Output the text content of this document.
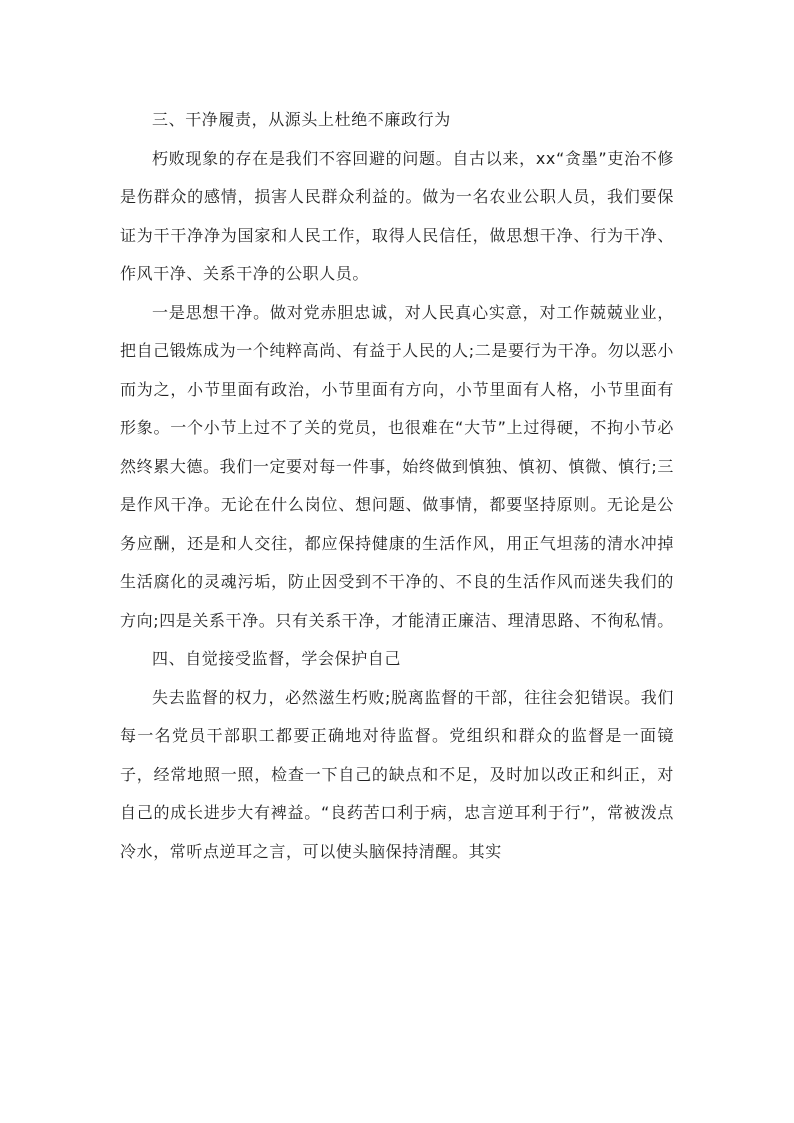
三、干净履责，从源头上杜绝不廉政行为

朽败现象的存在是我们不容回避的问题。自古以来，xx“贪墨”吏治不修是伤群众的感情，损害人民群众利益的。做为一名农业公职人员，我们要保证为干干净净为国家和人民工作，取得人民信任，做思想干净、行为干净、作风干净、关系干净的公职人员。

一是思想干净。做对党赤胆忠诚，对人民真心实意，对工作兢兢业业，把自己锻炼成为一个纯粹高尚、有益于人民的人;二是要行为干净。勿以恶小而为之，小节里面有政治，小节里面有方向，小节里面有人格，小节里面有形象。一个小节上过不了关的党员，也很难在“大节”上过得硬，不拘小节必然终累大德。我们一定要对每一件事，始终做到慎独、慎初、慎微、慎行;三是作风干净。无论在什么岗位、想问题、做事情，都要坚持原则。无论是公务应酬，还是和人交往，都应保持健康的生活作风，用正气坦荡的清水冲掉生活腐化的灵魂污垢，防止因受到不干净的、不良的生活作风而迷失我们的方向;四是关系干净。只有关系干净，才能清正廉洁、理清思路、不徇私情。

四、自觉接受监督，学会保护自己

失去监督的权力，必然滋生朽败;脱离监督的干部，往往会犯错误。我们每一名党员干部职工都要正确地对待监督。党组织和群众的监督是一面镜子，经常地照一照，检查一下自己的缺点和不足，及时加以改正和纠正，对自己的成长进步大有裨益。“良药苦口利于病，忠言逆耳利于行”，常被泼点冷水，常听点逆耳之言，可以使头脑保持清醒。其实
